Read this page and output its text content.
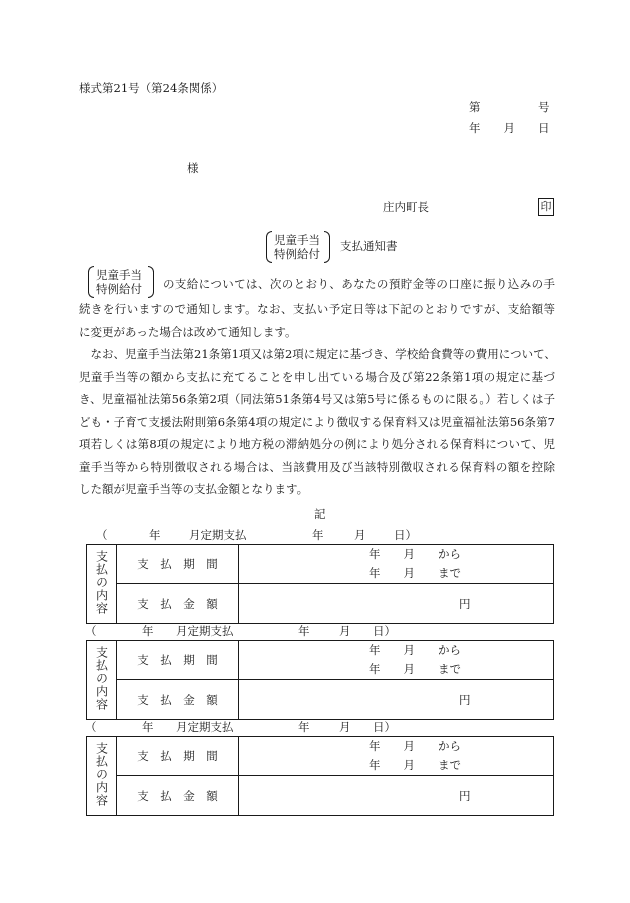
様式第21号（第24条関係）
第　　　　　号
年　　月　　日
様
庄内町長	印
児童手当
特例給付
支払通知書
児童手当
特例給付 の支給については、次のとおり、あなたの預貯金等の口座に振り込みの手
続きを行いますので通知します。なお、支払い予定日等は下記のとおりですが、支給額等
に変更があった場合は改めて通知します。
なお、児童手当法第21条第1項又は第2項に規定に基づき、学校給食費等の費用について、
児童手当等の額から支払に充てることを申し出ている場合及び第22条第1項の規定に基づ
き、児童福祉法第56条第2項（同法第51条第4号又は第5号に係るものに限る。）若しくは子
ども・子育て支援法附則第6条第4項の規定により徴収する保育料又は児童福祉法第56条第7
項若しくは第8項の規定により地方税の滞納処分の例により処分される保育料について、児
童手当等から特別徴収される場合は、当該費用及び当該特別徴収される保育料の額を控除
した額が児童手当等の支払金額となります。
記
（	年 月定期支払	年	月 日）
支払の内容	支　払　期　間	年　　月　　から
年　　月　　まで

	支　払　金　額	円
（	年 月定期支払	年	月 日）
支払の内容	支　払　期　間	年　　月　　から
年　　月　　まで

	支　払　金　額	円
（	年 月定期支払	年	月 日）
支払の内容	支　払　期　間	年　　月　　から
年　　月　　まで

	支　払　金　額	円
